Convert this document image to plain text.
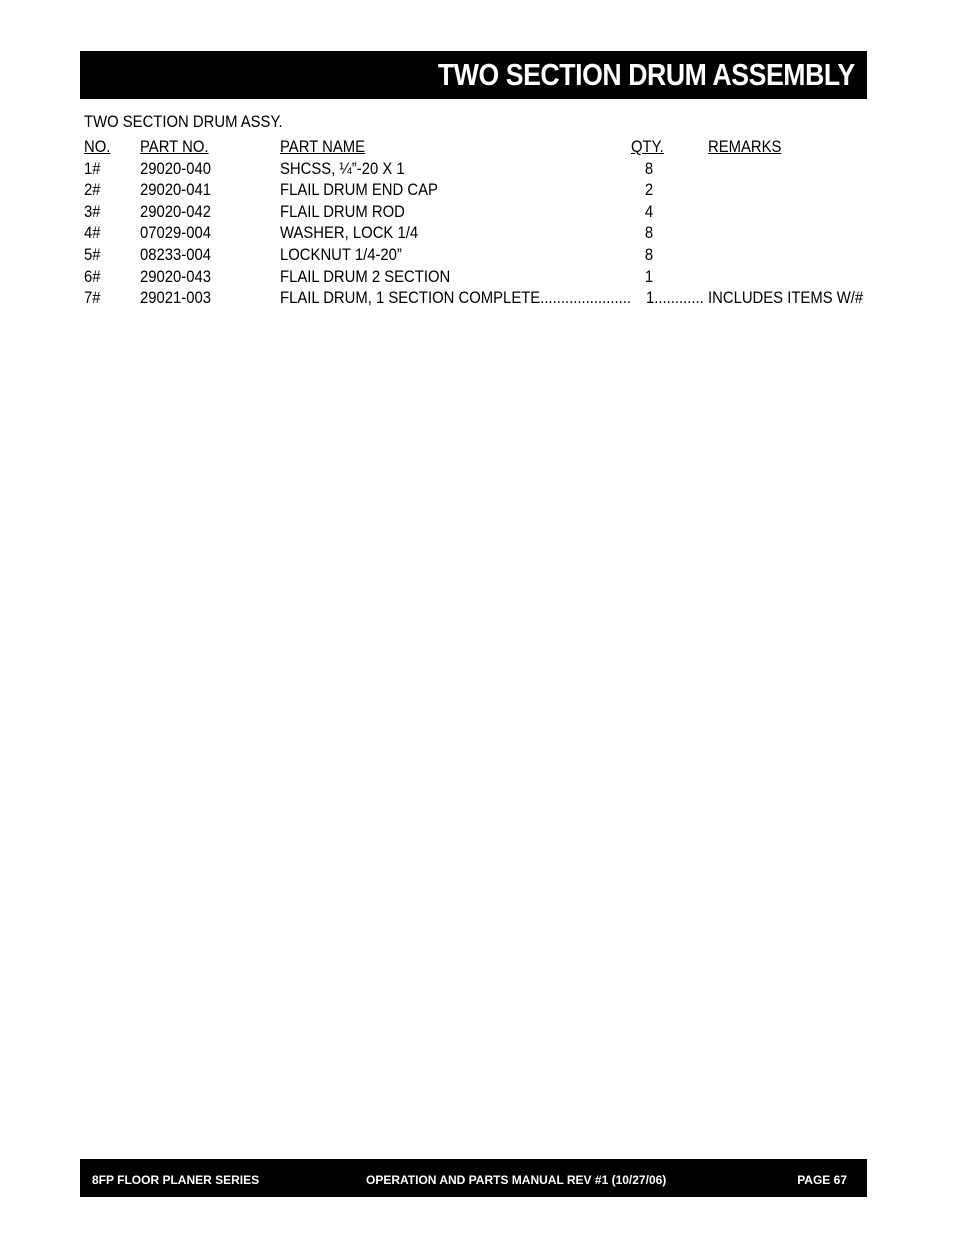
TWO SECTION DRUM ASSEMBLY
TWO SECTION DRUM ASSY.
NO. PART NO.	PART NAME	QTY.	REMARKS
1# 29020-040	SHCSS, ¼”-20 X 1	8
2# 29020-041	FLAIL DRUM END CAP	2
3# 29020-042	FLAIL DRUM ROD	4
4# 07029-004	WASHER, LOCK 1/4	8
5# 08233-004	LOCKNUT 1/4-20”	8
6# 29020-043	FLAIL DRUM 2 SECTION	1
7# 29021-003	FLAIL DRUM, 1 SECTION COMPLETE...................... 1............ INCLUDES ITEMS W/#
8FP FLOOR PLANER SERIES	OPERATION AND PARTS MANUAL REV #1 (10/27/06)	PAGE 67
